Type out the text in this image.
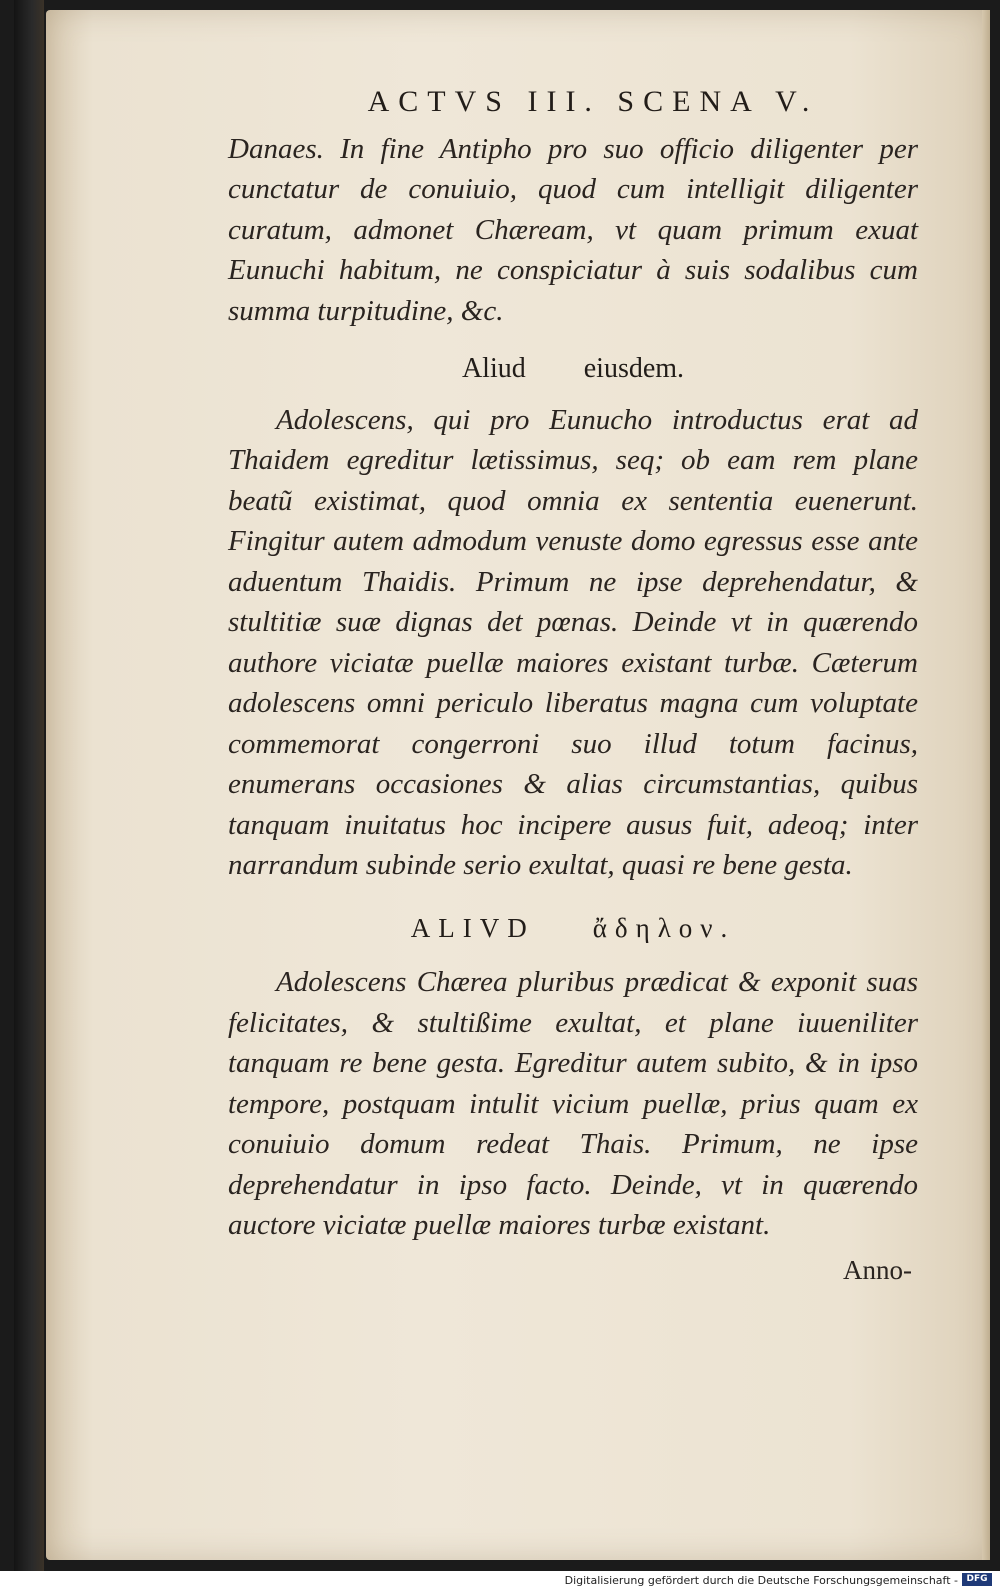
ACTVS III. SCENA V.

Danaes. In fine Antipho pro suo officio diligenter per cunctatur de conuiuio, quod cum intelligit diligenter curatum, admonet Chæream, vt quam primum exuat Eunuchi habitum, ne conspiciatur à suis sodalibus cum summa turpitudine, &c.

Aliud eiusdem.

Adolescens, qui pro Eunucho introductus erat ad Thaidem egreditur lætissimus, seq; ob eam rem plane beatũ existimat, quod omnia ex sententia euenerunt. Fingitur autem admodum venuste domo egressus esse ante aduentum Thaidis. Primum ne ipse deprehendatur, & stultitiæ suæ dignas det pœnas. Deinde vt in quærendo authore viciatæ puellæ maiores existant turbæ. Cæterum adolescens omni periculo liberatus magna cum voluptate commemorat congerroni suo illud totum facinus, enumerans occasiones & alias circumstantias, quibus tanquam inuitatus hoc incipere ausus fuit, adeoq; inter narrandum subinde serio exultat, quasi re bene gesta.

ALIVD ἄδηλον.

Adolescens Chærea pluribus prædicat & exponit suas felicitates, & stultißime exultat, et plane iuueniliter tanquam re bene gesta. Egreditur autem subito, & in ipso tempore, postquam intulit vicium puellæ, prius quam ex conuiuio domum redeat Thais. Primum, ne ipse deprehendatur in ipso facto. Deinde, vt in quærendo auctore viciatæ puellæ maiores turbæ existant.

Anno-
Digitalisierung gefördert durch die Deutsche Forschungsgemeinschaft - DFG
